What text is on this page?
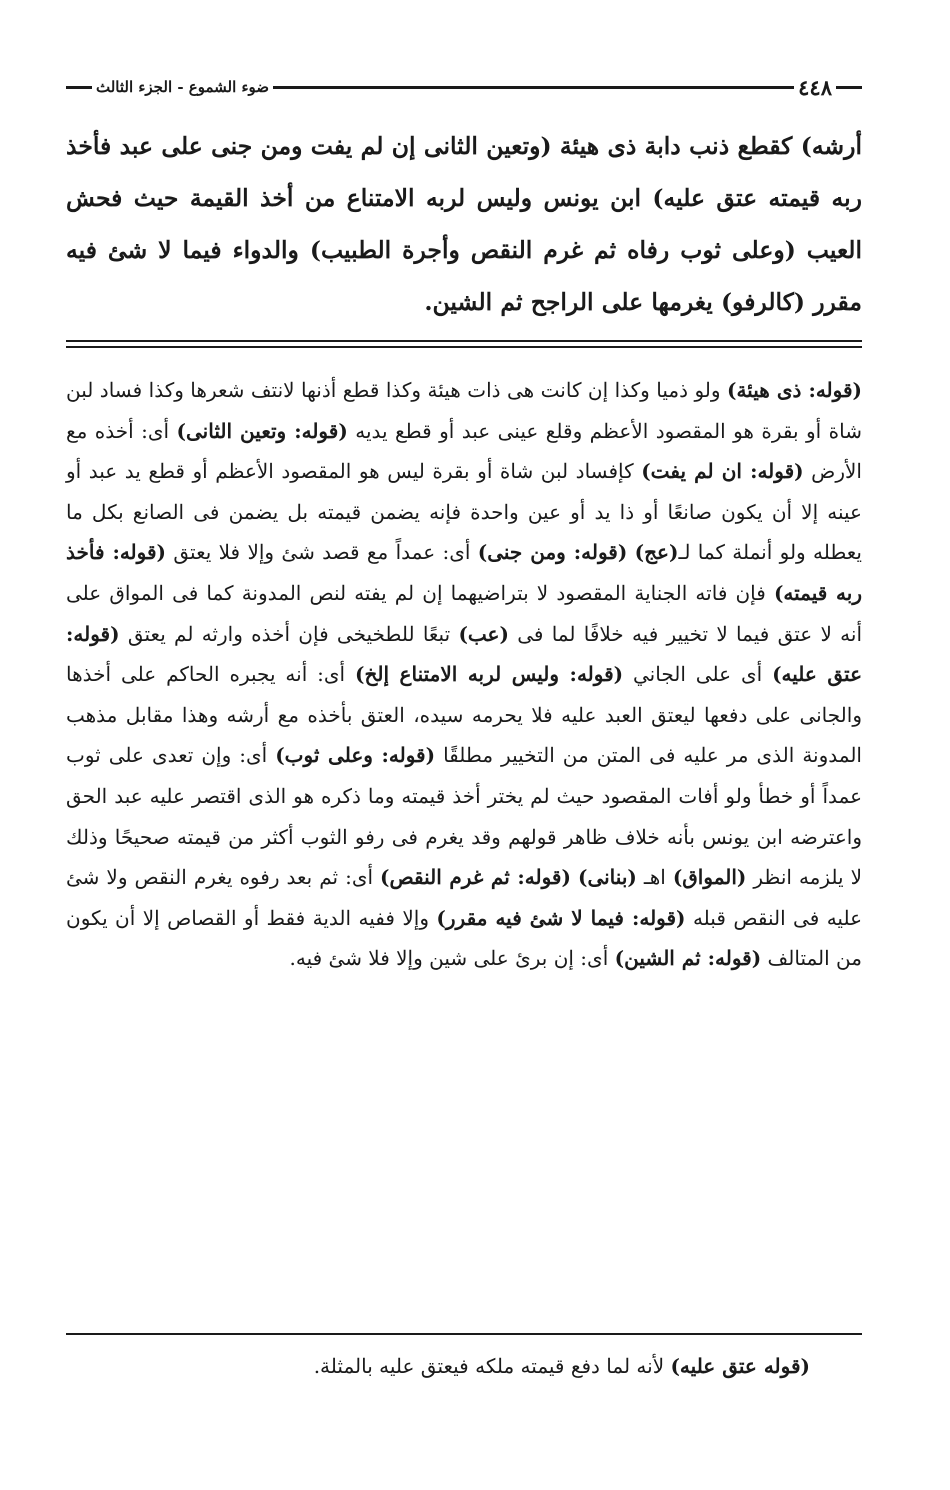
٤٤٨
ضوء الشموع - الجزء الثالث

أرشه) كقطع ذنب دابة ذى هيئة (وتعين الثانى إن لم يفت ومن جنى على عبد فأخذ ربه قيمته عتق عليه) ابن يونس وليس لربه الامتناع من أخذ القيمة حيث فحش العيب (وعلى ثوب رفاه ثم غرم النقص وأجرة الطبيب) والدواء فيما لا شئ فيه مقرر (كالرفو) يغرمها على الراجح ثم الشين.

(قوله: ذى هيئة) ولو ذميا وكذا إن كانت هى ذات هيئة وكذا قطع أذنها لانتف شعرها وكذا فساد لبن شاة أو بقرة هو المقصود الأعظم وقلع عينى عبد أو قطع يديه (قوله: وتعين الثانى) أى: أخذه مع الأرض (قوله: ان لم يفت) كإفساد لبن شاة أو بقرة ليس هو المقصود الأعظم أو قطع يد عبد أو عينه إلا أن يكون صانعًا أو ذا يد أو عين واحدة فإنه يضمن قيمته بل يضمن فى الصانع بكل ما يعطله ولو أنملة كما لـ(عج) (قوله: ومن جنى) أى: عمداً مع قصد شئ وإلا فلا يعتق (قوله: فأخذ ربه قيمته) فإن فاته الجناية المقصود لا بتراضيهما إن لم يفته لنص المدونة كما فى المواق على أنه لا عتق فيما لا تخيير فيه خلافًا لما فى (عب) تبعًا للطخيخى فإن أخذه وارثه لم يعتق (قوله: عتق عليه) أى على الجاني (قوله: وليس لربه الامتناع إلخ) أى: أنه يجبره الحاكم على أخذها والجانى على دفعها ليعتق العبد عليه فلا يحرمه سيده، العتق بأخذه مع أرشه وهذا مقابل مذهب المدونة الذى مر عليه فى المتن من التخيير مطلقًا (قوله: وعلى ثوب) أى: وإن تعدى على ثوب عمداً أو خطأ ولو أفات المقصود حيث لم يختر أخذ قيمته وما ذكره هو الذى اقتصر عليه عبد الحق واعترضه ابن يونس بأنه خلاف ظاهر قولهم وقد يغرم فى رفو الثوب أكثر من قيمته صحيحًا وذلك لا يلزمه انظر (المواق) اهـ (بنانى) (قوله: ثم غرم النقص) أى: ثم بعد رفوه يغرم النقص ولا شئ عليه فى النقص قبله (قوله: فيما لا شئ فيه مقرر) وإلا ففيه الدية فقط أو القصاص إلا أن يكون من المتالف (قوله: ثم الشين) أى: إن برئ على شين وإلا فلا شئ فيه.

(قوله عتق عليه) لأنه لما دفع قيمته ملكه فيعتق عليه بالمثلة.
